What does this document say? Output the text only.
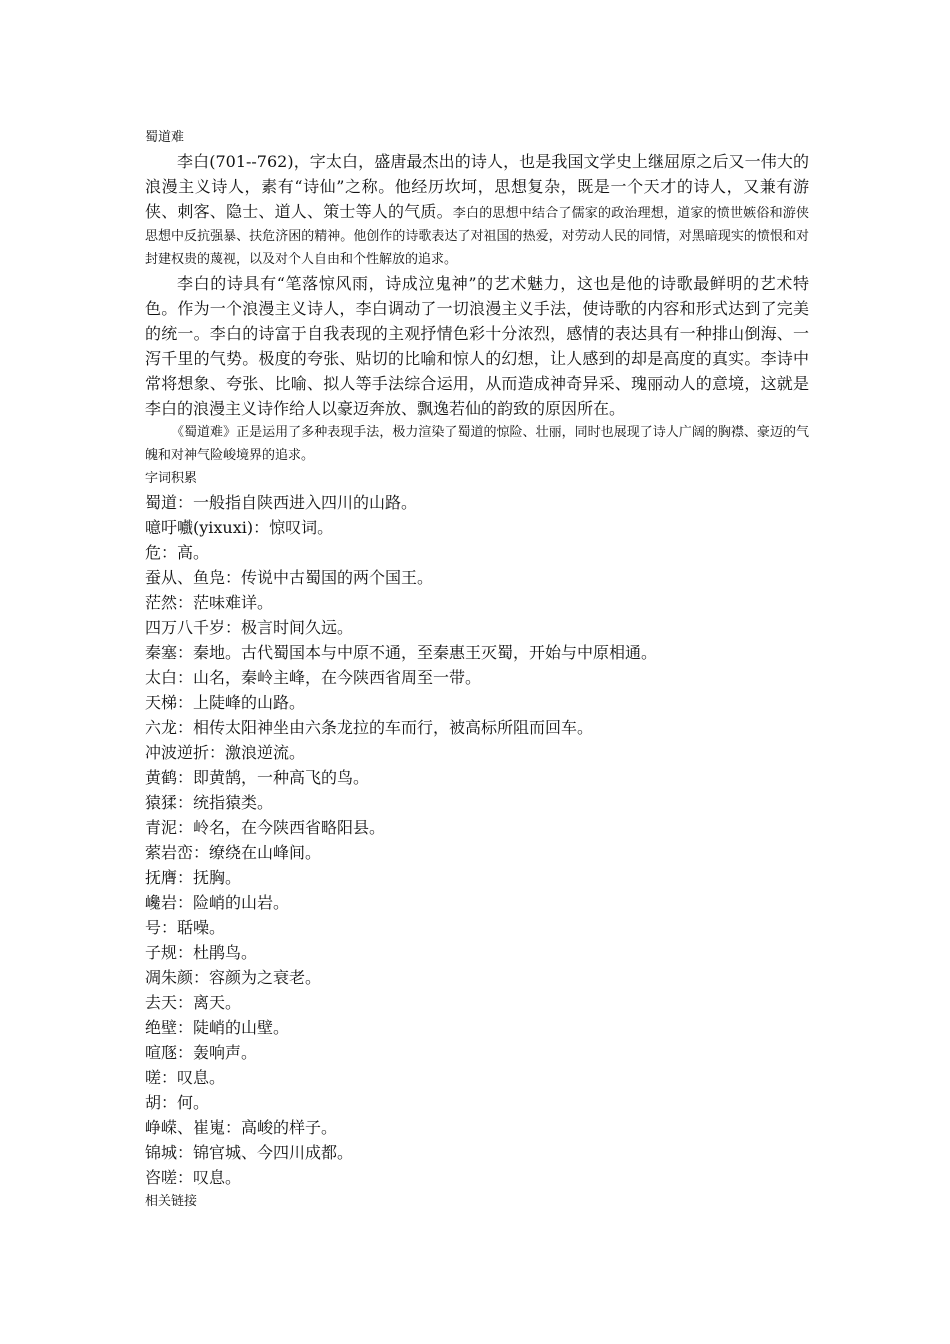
蜀道难
李白(701--762)，字太白，盛唐最杰出的诗人，也是我国文学史上继屈原之后又一伟大的浪漫主义诗人，素有“诗仙”之称。他经历坎坷，思想复杂，既是一个天才的诗人，又兼有游侠、刺客、隐士、道人、策士等人的气质。李白的思想中结合了儒家的政治理想，道家的愤世嫉俗和游侠思想中反抗强暴、扶危济困的精神。他创作的诗歌表达了对祖国的热爱，对劳动人民的同情，对黑暗现实的愤恨和对封建权贵的蔑视，以及对个人自由和个性解放的追求。
李白的诗具有“笔落惊风雨，诗成泣鬼神”的艺术魅力，这也是他的诗歌最鲜明的艺术特色。作为一个浪漫主义诗人，李白调动了一切浪漫主义手法，使诗歌的内容和形式达到了完美的统一。李白的诗富于自我表现的主观抒情色彩十分浓烈，感情的表达具有一种排山倒海、一泻千里的气势。极度的夸张、贴切的比喻和惊人的幻想，让人感到的却是高度的真实。李诗中常将想象、夸张、比喻、拟人等手法综合运用，从而造成神奇异采、瑰丽动人的意境，这就是李白的浪漫主义诗作给人以豪迈奔放、飘逸若仙的韵致的原因所在。
《蜀道难》正是运用了多种表现手法，极力渲染了蜀道的惊险、壮丽，同时也展现了诗人广阔的胸襟、豪迈的气魄和对神气险峻境界的追求。
字词积累
蜀道：一般指自陕西进入四川的山路。
噫吁嚱(yixuxi)：惊叹词。
危：高。
蚕从、鱼凫：传说中古蜀国的两个国王。
茫然：茫味难详。
四万八千岁：极言时间久远。
秦塞：秦地。古代蜀国本与中原不通，至秦惠王灭蜀，开始与中原相通。
太白：山名，秦岭主峰，在今陕西省周至一带。
天梯：上陡峰的山路。
六龙：相传太阳神坐由六条龙拉的车而行，被高标所阻而回车。
冲波逆折：激浪逆流。
黄鹤：即黄鹄，一种高飞的鸟。
猿猱：统指猿类。
青泥：岭名，在今陕西省略阳县。
萦岩峦：缭绕在山峰间。
抚膺：抚胸。
巉岩：险峭的山岩。
号：聒噪。
子规：杜鹃鸟。
凋朱颜：容颜为之衰老。
去天：离天。
绝壁：陡峭的山壁。
喧豗：轰响声。
嗟：叹息。
胡：何。
峥嵘、崔嵬：高峻的样子。
锦城：锦官城、今四川成都。
咨嗟：叹息。
相关链接
